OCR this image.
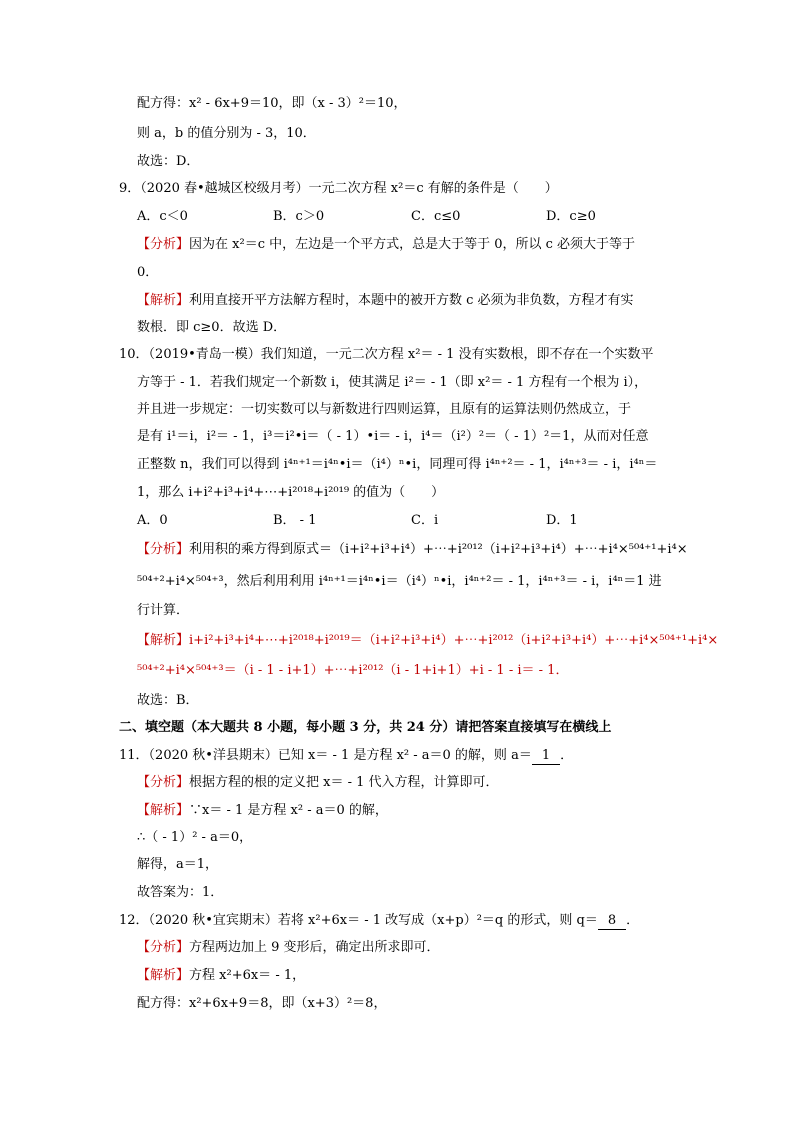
配方得：x² - 6x+9＝10，即（x - 3）²＝10，
则 a，b 的值分别为 - 3，10．
故选：D．
9．（2020 春•越城区校级月考）一元二次方程 x²＝c 有解的条件是（　　）
A．c＜0	B．c＞0	C．c≤0	D．c≥0
【分析】因为在 x²＝c 中，左边是一个平方式，总是大于等于 0，所以 c 必须大于等于
0．
【解析】利用直接开平方法解方程时，本题中的被开方数 c 必须为非负数，方程才有实
数根．即 c≥0．故选 D．
10．（2019•青岛一模）我们知道，一元二次方程 x²＝ - 1 没有实数根，即不存在一个实数平
方等于 - 1．若我们规定一个新数 i，使其满足 i²＝ - 1（即 x²＝ - 1 方程有一个根为 i），
并且进一步规定：一切实数可以与新数进行四则运算，且原有的运算法则仍然成立，于
是有 i¹＝i，i²＝ - 1，i³＝i²•i＝（ - 1）•i＝ - i，i⁴＝（i²）²＝（ - 1）²＝1，从而对任意
正整数 n，我们可以得到 i⁴ⁿ⁺¹＝i⁴ⁿ•i＝（i⁴）ⁿ•i，同理可得 i⁴ⁿ⁺²＝ - 1，i⁴ⁿ⁺³＝ - i，i⁴ⁿ＝
1，那么 i+i²+i³+i⁴+⋯+i²⁰¹⁸+i²⁰¹⁹ 的值为（　　）
A．0	B． - 1	C．i	D．1
【分析】利用积的乘方得到原式＝（i+i²+i³+i⁴）+⋯+i²⁰¹²（i+i²+i³+i⁴）+⋯+i⁴×⁵⁰⁴⁺¹+i⁴×
⁵⁰⁴⁺²+i⁴×⁵⁰⁴⁺³，然后利用利用 i⁴ⁿ⁺¹＝i⁴ⁿ•i＝（i⁴）ⁿ•i，i⁴ⁿ⁺²＝ - 1，i⁴ⁿ⁺³＝ - i，i⁴ⁿ＝1 进
行计算．
【解析】i+i²+i³+i⁴+⋯+i²⁰¹⁸+i²⁰¹⁹＝（i+i²+i³+i⁴）+⋯+i²⁰¹²（i+i²+i³+i⁴）+⋯+i⁴×⁵⁰⁴⁺¹+i⁴×
⁵⁰⁴⁺²+i⁴×⁵⁰⁴⁺³＝（i - 1 - i+1）+⋯+i²⁰¹²（i - 1+i+1）+i - 1 - i＝ - 1．
故选：B．
二、填空题（本大题共 8 小题，每小题 3 分，共 24 分）请把答案直接填写在横线上
11．（2020 秋•洋县期末）已知 x＝ - 1 是方程 x² - a＝0 的解，则 a＝ 1 ．
【分析】根据方程的根的定义把 x＝ - 1 代入方程，计算即可．
【解析】∵x＝ - 1 是方程 x² - a＝0 的解，
∴（ - 1）² - a＝0，
解得，a＝1，
故答案为：1．
12．（2020 秋•宜宾期末）若将 x²+6x＝ - 1 改写成（x+p）²＝q 的形式，则 q＝ 8 ．
【分析】方程两边加上 9 变形后，确定出所求即可．
【解析】方程 x²+6x＝ - 1，
配方得：x²+6x+9＝8，即（x+3）²＝8，
